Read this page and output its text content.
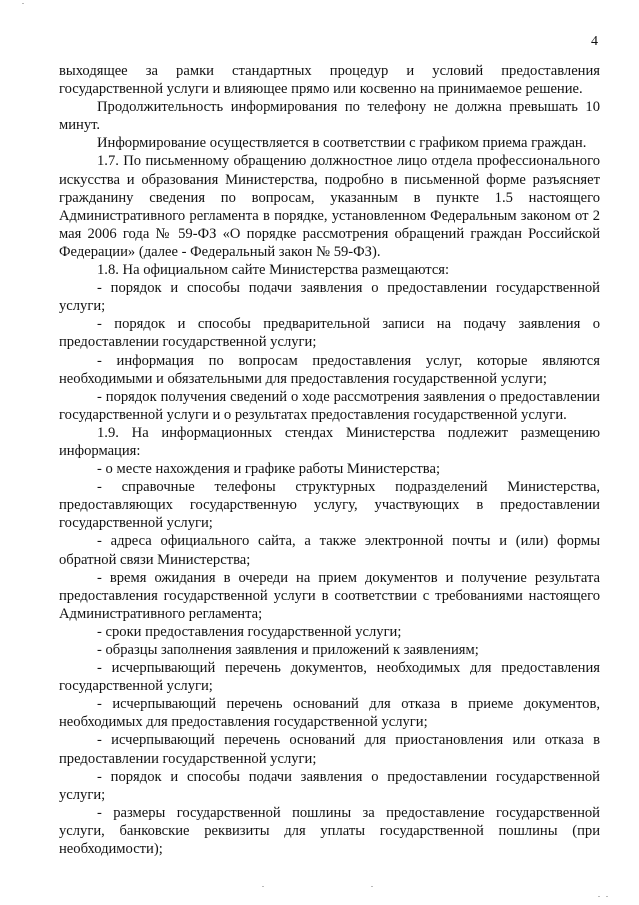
4

выходящее за рамки стандартных процедур и условий предоставления государственной услуги и влияющее прямо или косвенно на принимаемое решение.

Продолжительность информирования по телефону не должна превышать 10 минут.

Информирование осуществляется в соответствии с графиком приема граждан.

1.7. По письменному обращению должностное лицо отдела профессионального искусства и образования Министерства, подробно в письменной форме разъясняет гражданину сведения по вопросам, указанным в пункте 1.5 настоящего Административного регламента в порядке, установленном Федеральным законом от 2 мая 2006 года № 59-ФЗ «О порядке рассмотрения обращений граждан Российской Федерации» (далее - Федеральный закон № 59-ФЗ).

1.8. На официальном сайте Министерства размещаются:

- порядок и способы подачи заявления о предоставлении государственной услуги;

- порядок и способы предварительной записи на подачу заявления о предоставлении государственной услуги;

- информация по вопросам предоставления услуг, которые являются необходимыми и обязательными для предоставления государственной услуги;

- порядок получения сведений о ходе рассмотрения заявления о предоставлении государственной услуги и о результатах предоставления государственной услуги.

1.9. На информационных стендах Министерства подлежит размещению информация:

- о месте нахождения и графике работы Министерства;

- справочные телефоны структурных подразделений Министерства, предоставляющих государственную услугу, участвующих в предоставлении государственной услуги;

- адреса официального сайта, а также электронной почты и (или) формы обратной связи Министерства;

- время ожидания в очереди на прием документов и получение результата предоставления государственной услуги в соответствии с требованиями настоящего Административного регламента;

- сроки предоставления государственной услуги;

- образцы заполнения заявления и приложений к заявлениям;

- исчерпывающий перечень документов, необходимых для предоставления государственной услуги;

- исчерпывающий перечень оснований для отказа в приеме документов, необходимых для предоставления государственной услуги;

- исчерпывающий перечень оснований для приостановления или отказа в предоставлении государственной услуги;

- порядок и способы подачи заявления о предоставлении государственной услуги;

- размеры государственной пошлины за предоставление государственной услуги, банковские реквизиты для уплаты государственной пошлины (при необходимости);
